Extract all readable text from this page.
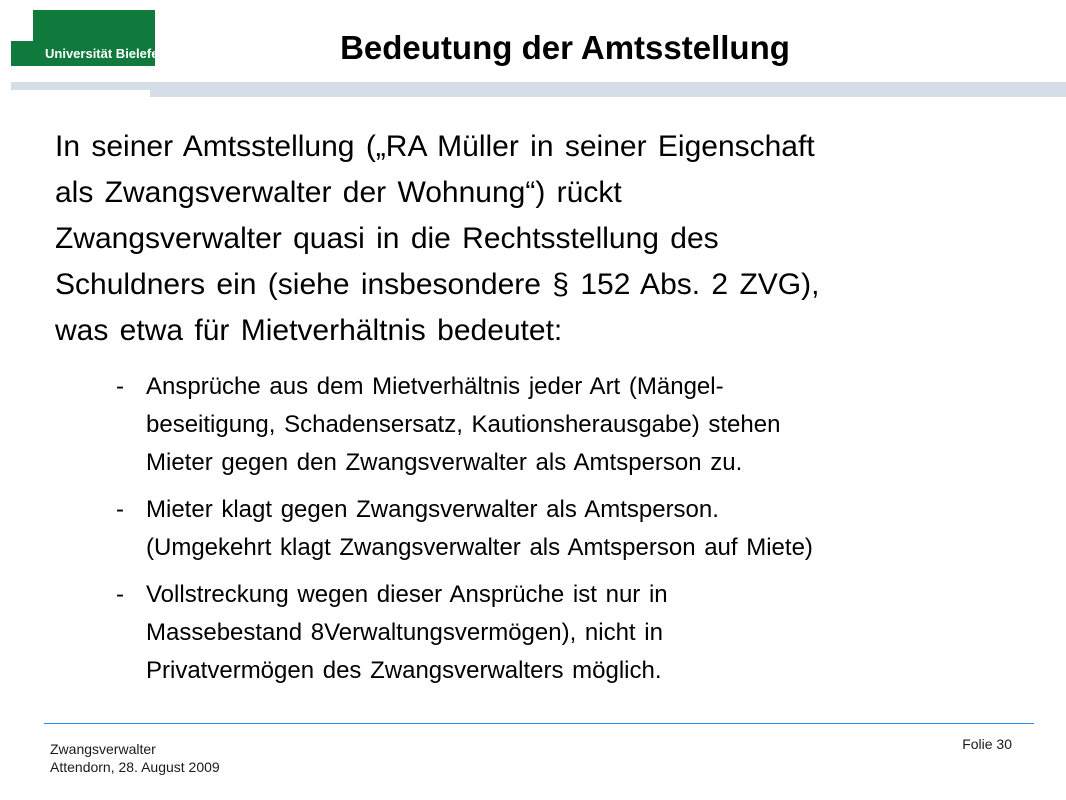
Universität Bielefeld	Bedeutung der Amtsstellung
In seiner Amtsstellung („RA Müller in seiner Eigenschaft
als Zwangsverwalter der Wohnung“) rückt
Zwangsverwalter quasi in die Rechtsstellung des
Schuldners ein (siehe insbesondere § 152 Abs. 2 ZVG),
was etwa für Mietverhältnis bedeutet:
- Ansprüche aus dem Mietverhältnis jeder Art (Mängel-
beseitigung, Schadensersatz, Kautionsherausgabe) stehen
Mieter gegen den Zwangsverwalter als Amtsperson zu.
- Mieter klagt gegen Zwangsverwalter als Amtsperson.
(Umgekehrt klagt Zwangsverwalter als Amtsperson auf Miete)
- Vollstreckung wegen dieser Ansprüche ist nur in
Massebestand 8Verwaltungsvermögen), nicht in
Privatvermögen des Zwangsverwalters möglich.
Zwangsverwalter
Attendorn, 28. August 2009
Folie 30
